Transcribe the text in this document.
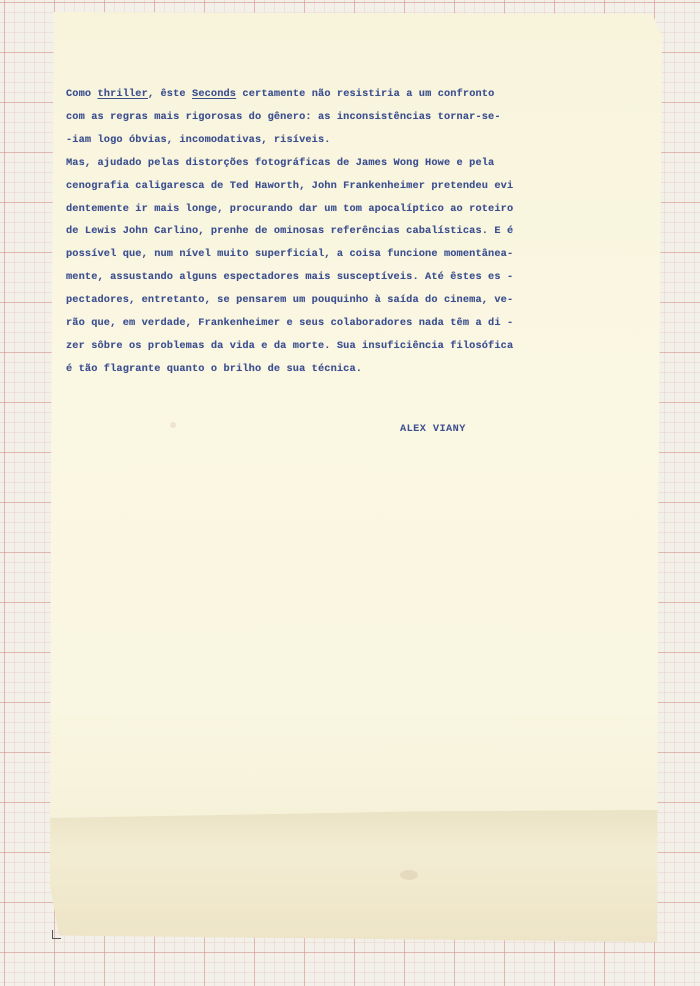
Como thriller, êste Seconds certamente não resistiria a um confronto

com as regras mais rigorosas do gênero: as inconsistências tornar-se-

-iam logo óbvias, incomodativas, risíveis.

Mas, ajudado pelas distorções fotográficas de James Wong Howe e pela

cenografia caligaresca de Ted Haworth, John Frankenheimer pretendeu evi

dentemente ir mais longe, procurando dar um tom apocalíptico ao roteiro

de Lewis John Carlino, prenhe de ominosas referências cabalísticas. E é

possível que, num nível muito superficial, a coisa funcione momentânea-

mente, assustando alguns espectadores mais susceptíveis. Até êstes es -

pectadores, entretanto, se pensarem um pouquinho à saída do cinema, ve-

rão que, em verdade, Frankenheimer e seus colaboradores nada têm a di -

zer sôbre os problemas da vida e da morte. Sua insuficiência filosófica

é tão flagrante quanto o brilho de sua técnica.

ALEX VIANY
